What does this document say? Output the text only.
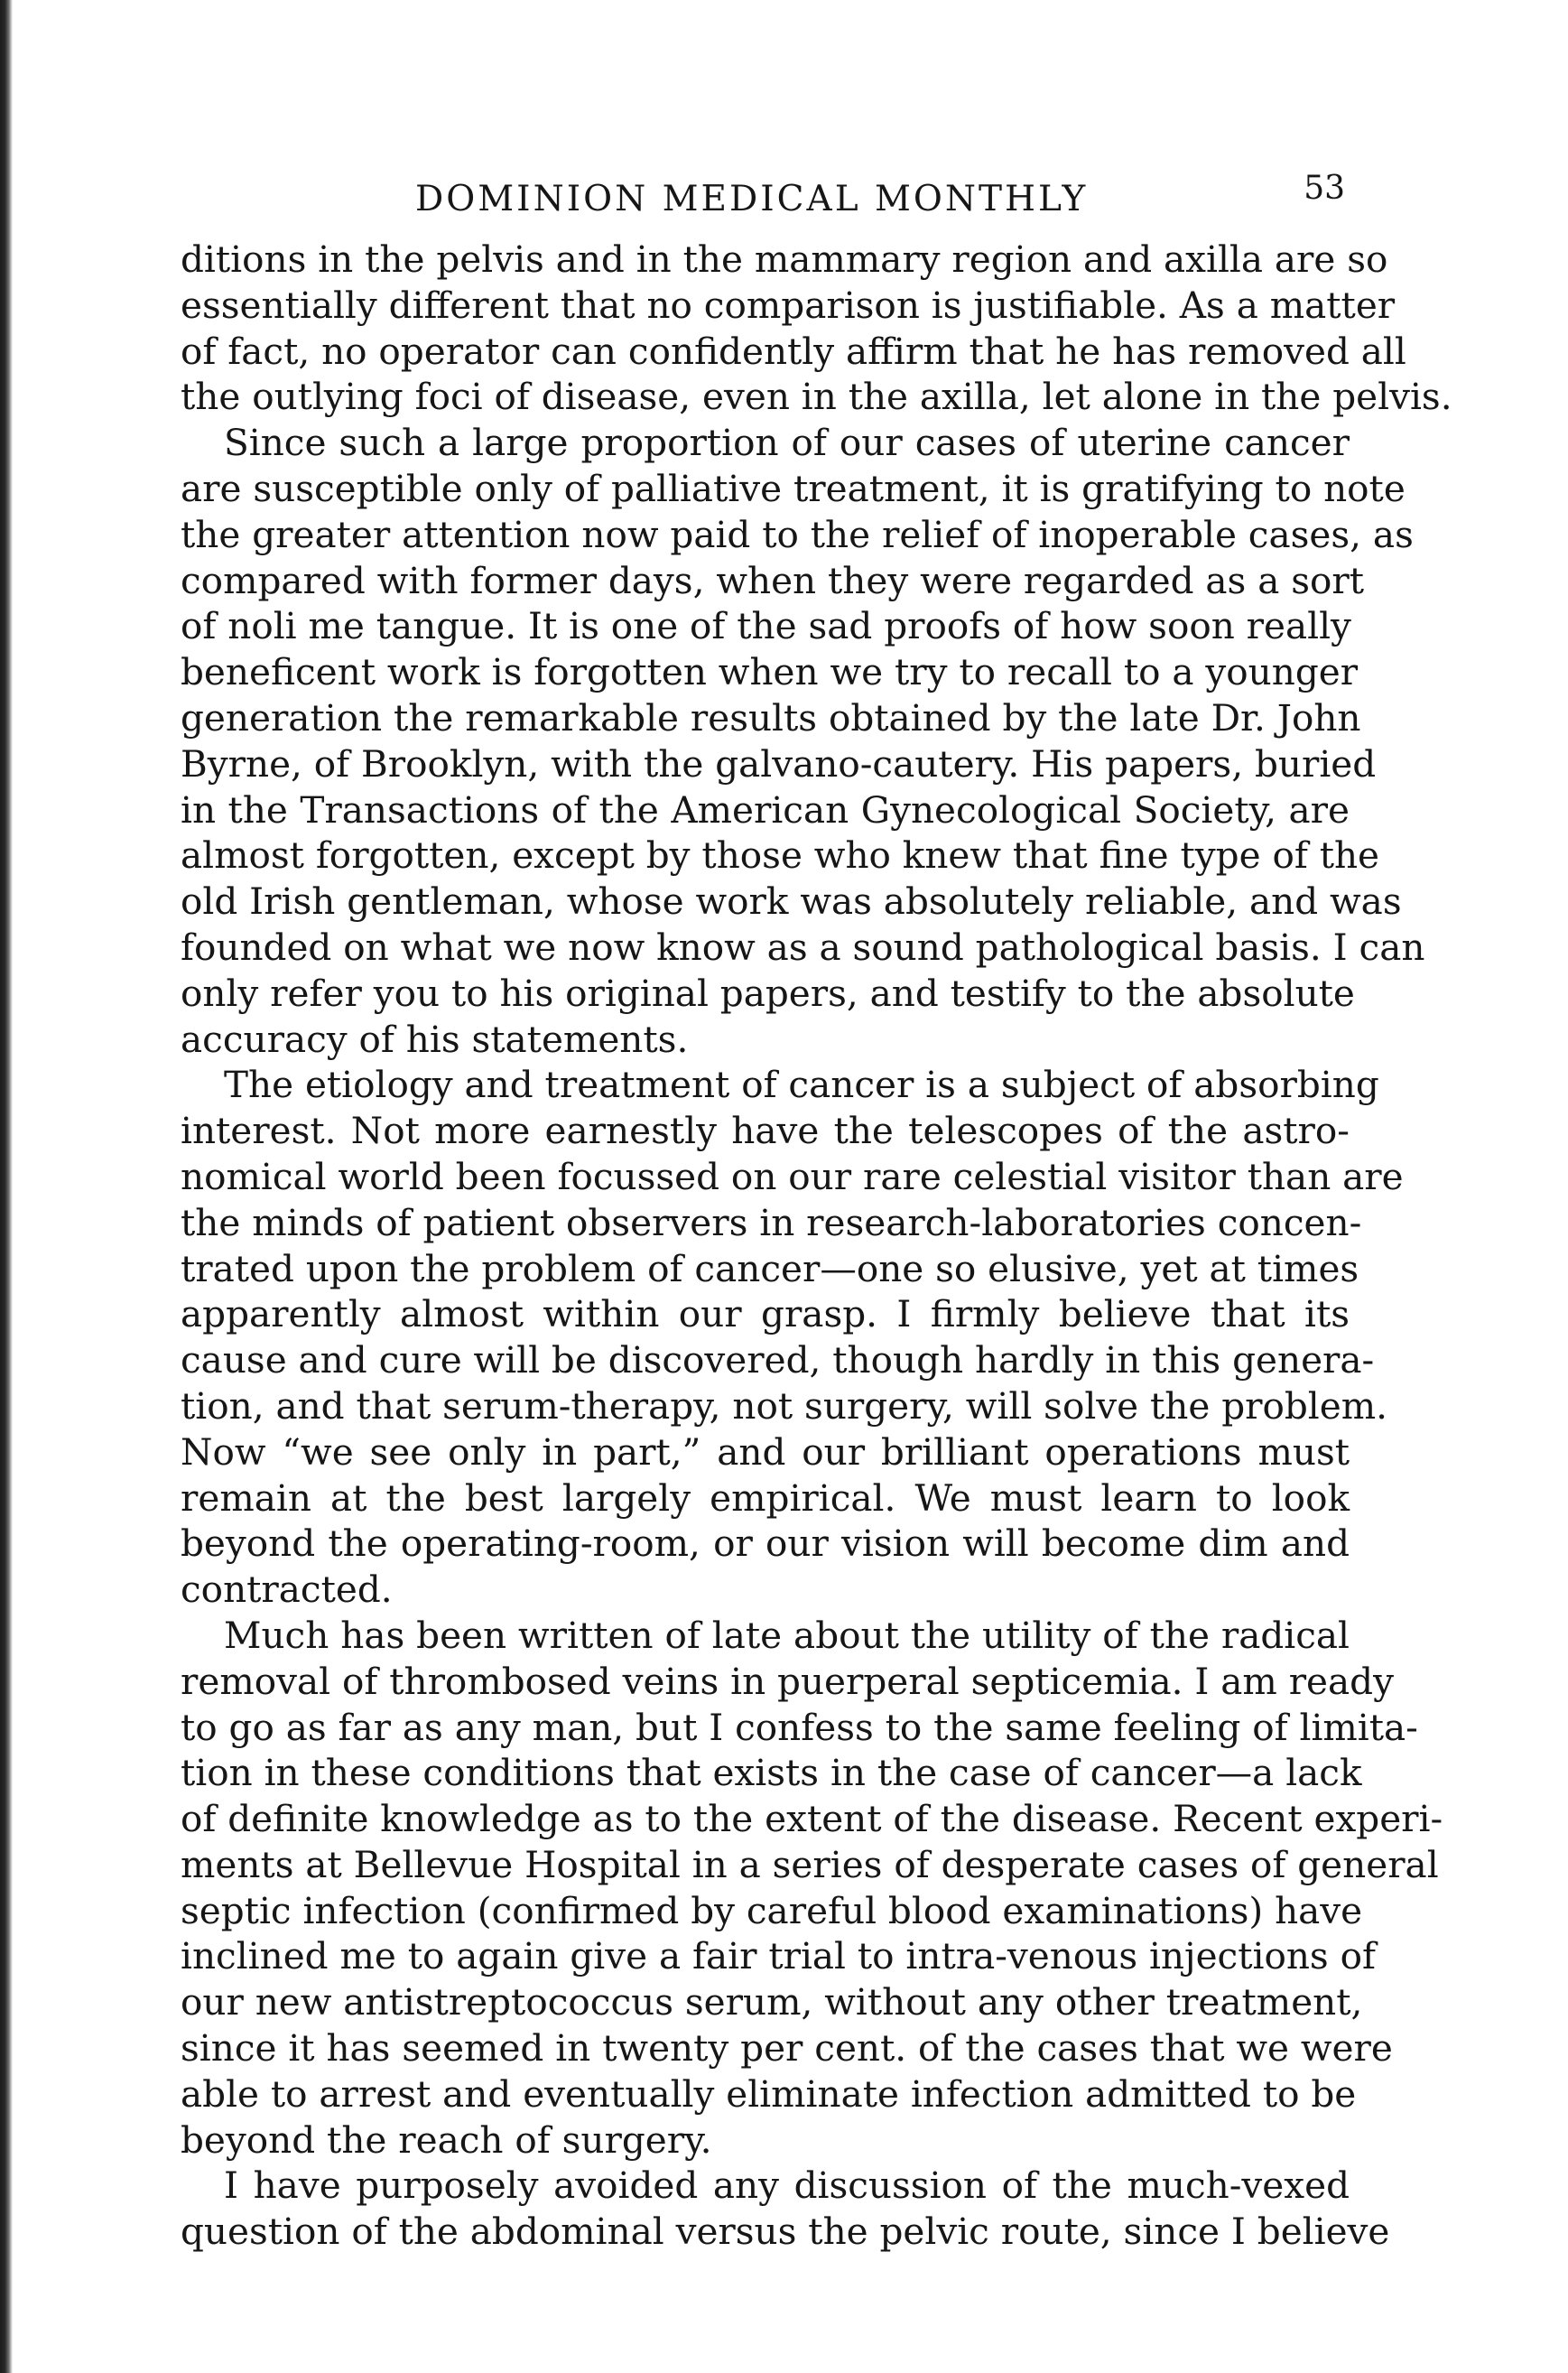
DOMINION MEDICAL MONTHLY	53
ditions in the pelvis and in the mammary region and axilla are so
essentially different that no comparison is justifiable. As a matter
of fact, no operator can confidently affirm that he has removed all
the outlying foci of disease, even in the axilla, let alone in the pelvis.
Since such a large proportion of our cases of uterine cancer
are susceptible only of palliative treatment, it is gratifying to note
the greater attention now paid to the relief of inoperable cases, as
compared with former days, when they were regarded as a sort
of noli me tangue. It is one of the sad proofs of how soon really
beneficent work is forgotten when we try to recall to a younger
generation the remarkable results obtained by the late Dr. John
Byrne, of Brooklyn, with the galvano-cautery. His papers, buried
in the Transactions of the American Gynecological Society, are
almost forgotten, except by those who knew that fine type of the
old Irish gentleman, whose work was absolutely reliable, and was
founded on what we now know as a sound pathological basis. I can
only refer you to his original papers, and testify to the absolute
accuracy of his statements.
The etiology and treatment of cancer is a subject of absorbing
interest. Not more earnestly have the telescopes of the astro-
nomical world been focussed on our rare celestial visitor than are
the minds of patient observers in research-laboratories concen-
trated upon the problem of cancer—one so elusive, yet at times
apparently almost within our grasp. I firmly believe that its
cause and cure will be discovered, though hardly in this genera-
tion, and that serum-therapy, not surgery, will solve the problem.
Now “we see only in part,” and our brilliant operations must
remain at the best largely empirical. We must learn to look
beyond the operating-room, or our vision will become dim and
contracted.
Much has been written of late about the utility of the radical
removal of thrombosed veins in puerperal septicemia. I am ready
to go as far as any man, but I confess to the same feeling of limita-
tion in these conditions that exists in the case of cancer—a lack
of definite knowledge as to the extent of the disease. Recent experi-
ments at Bellevue Hospital in a series of desperate cases of general
septic infection (confirmed by careful blood examinations) have
inclined me to again give a fair trial to intra-venous injections of
our new antistreptococcus serum, without any other treatment,
since it has seemed in twenty per cent. of the cases that we were
able to arrest and eventually eliminate infection admitted to be
beyond the reach of surgery.
I have purposely avoided any discussion of the much-vexed
question of the abdominal versus the pelvic route, since I believe
